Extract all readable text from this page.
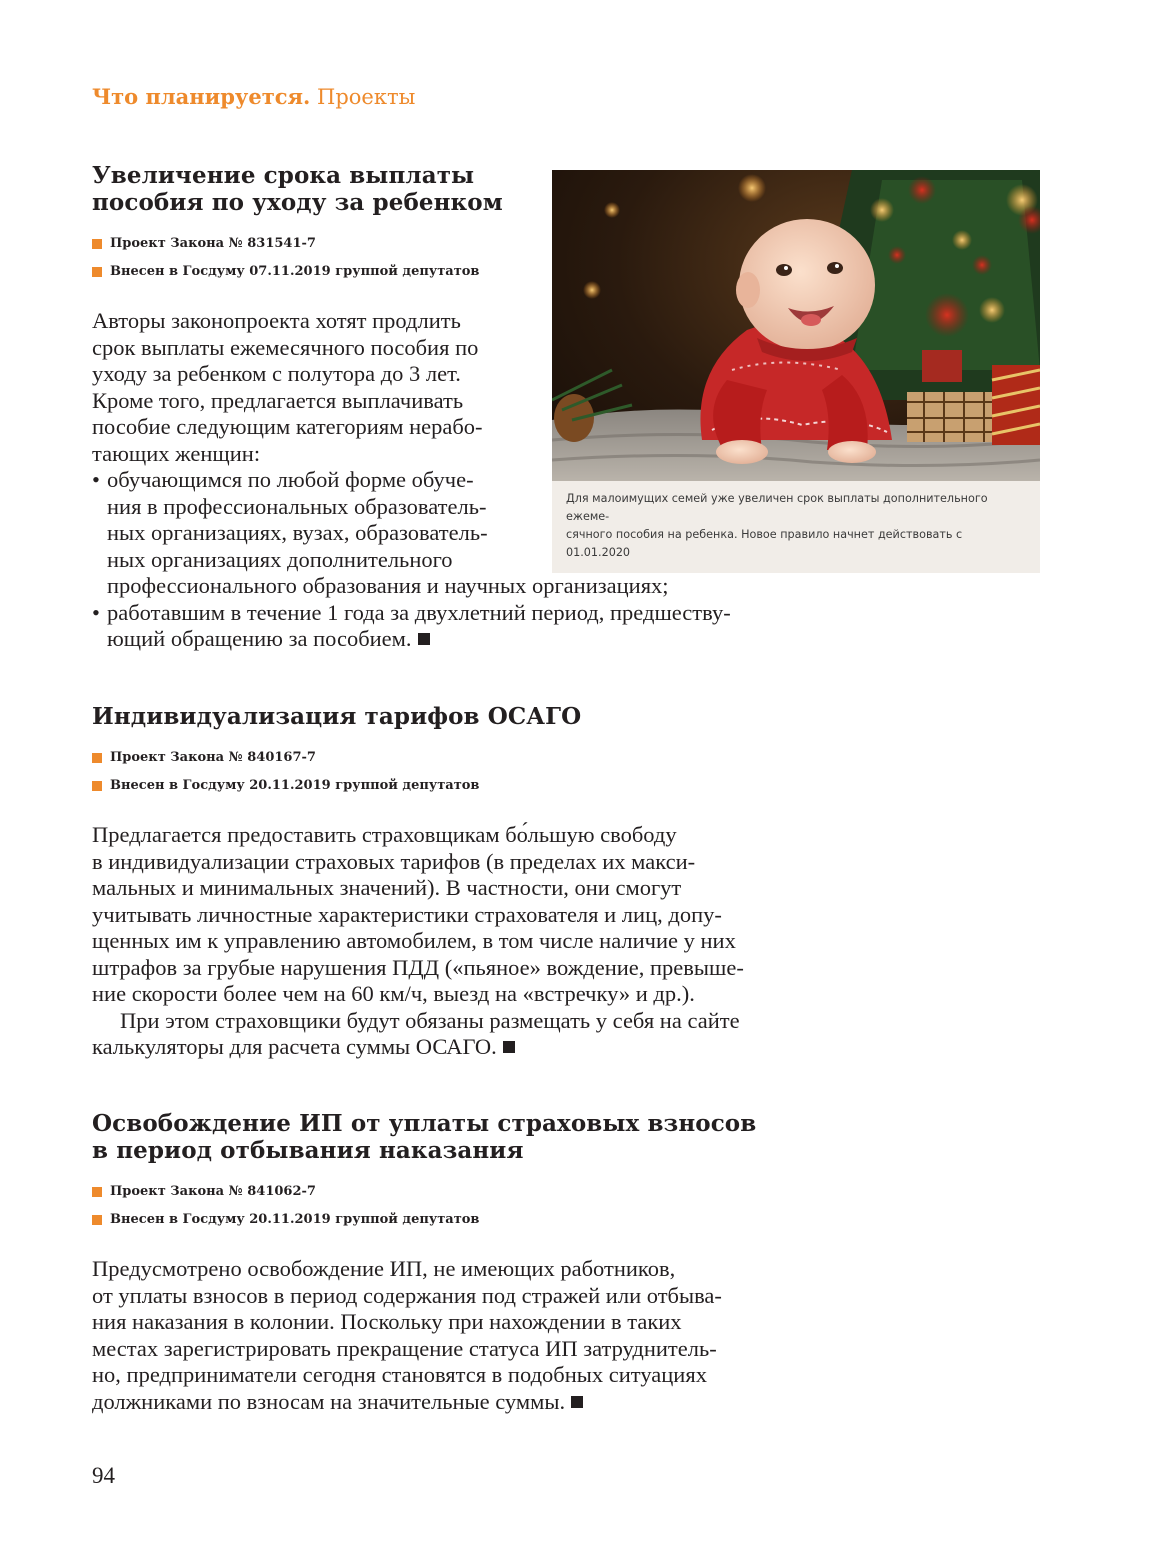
Что планируется. Проекты
Увеличение срока выплаты
пособия по уходу за ребенком
Проект Закона № 831541-7
Внесен в Госдуму 07.11.2019 группой депутатов

Авторы законопроекта хотят продлить
срок выплаты ежемесячного пособия по
уходу за ребенком с полутора до 3 лет.
Кроме того, предлагается выплачивать
пособие следующим категориям нерабо-
тающих женщин:

• обучающимся по любой форме обуче-
ния в профессиональных образователь-
ных организациях, вузах, образователь-
ных организациях дополнительного
профессионального образования и научных организациях;

• работавшим в течение 1 года за двухлетний период, предшеству-
ющий обращению за пособием.

Для малоимущих семей уже увеличен срок выплаты дополнительного ежеме-
сячного пособия на ребенка. Новое правило начнет действовать с 01.01.2020
Индивидуализация тарифов ОСАГО
Проект Закона № 840167-7
Внесен в Госдуму 20.11.2019 группой депутатов

Предлагается предоставить страховщикам бо́льшую свободу
в индивидуализации страховых тарифов (в пределах их макси-
мальных и минимальных значений). В частности, они смогут
учитывать личностные характеристики страхователя и лиц, допу-
щенных им к управлению автомобилем, в том числе наличие у них
штрафов за грубые нарушения ПДД («пьяное» вождение, превыше-
ние скорости более чем на 60 км/ч, выезд на «встречку» и др.).

При этом страховщики будут обязаны размещать у себя на сайте
калькуляторы для расчета суммы ОСАГО.

Освобождение ИП от уплаты страховых взносов
в период отбывания наказания
Проект Закона № 841062-7
Внесен в Госдуму 20.11.2019 группой депутатов

Предусмотрено освобождение ИП, не имеющих работников,
от уплаты взносов в период содержания под стражей или отбыва-
ния наказания в колонии. Поскольку при нахождении в таких
местах зарегистрировать прекращение статуса ИП затруднитель-
но, предприниматели сегодня становятся в подобных ситуациях
должниками по взносам на значительные суммы.

94
